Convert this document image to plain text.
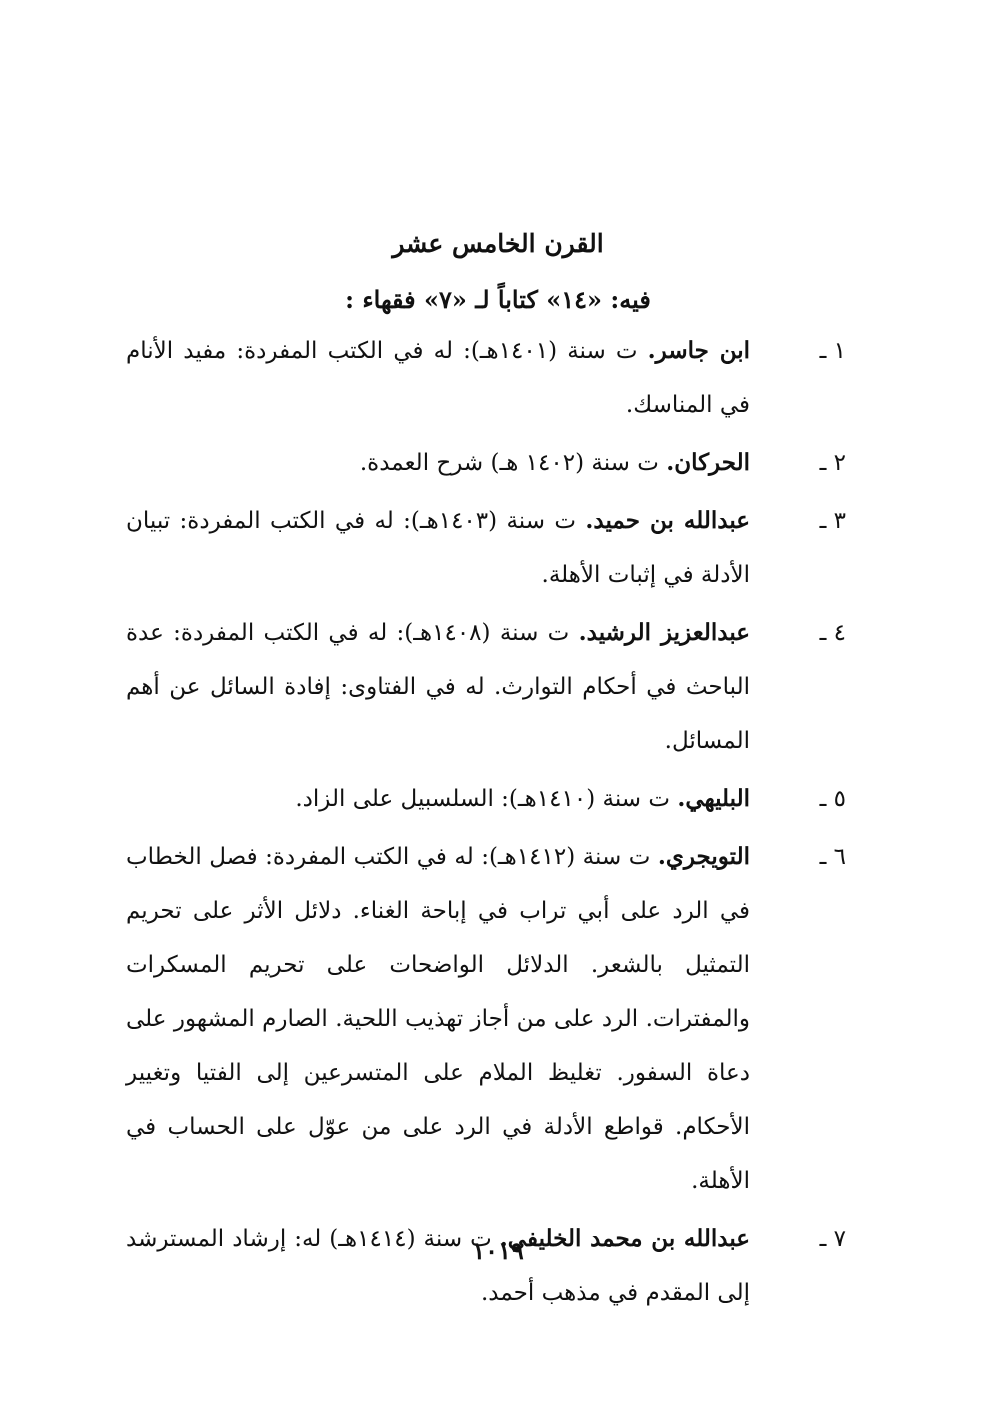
القرن الخامس عشر
فيه: «١٤» كتاباً لـ «٧» فقهاء :
١ ـ
ابن جاسر. ت سنة (١٤٠١هـ): له في الكتب المفردة: مفيد الأنام في المناسك.
٢ ـ
الحركان. ت سنة (١٤٠٢ هـ) شرح العمدة.
٣ ـ
عبدالله بن حميد. ت سنة (١٤٠٣هـ): له في الكتب المفردة: تبيان الأدلة في إثبات الأهلة.
٤ ـ
عبدالعزيز الرشيد. ت سنة (١٤٠٨هـ): له في الكتب المفردة: عدة الباحث في أحكام التوارث. له في الفتاوى: إفادة السائل عن أهم المسائل.
٥ ـ
البليهي. ت سنة (١٤١٠هـ): السلسبيل على الزاد.
٦ ـ
التويجري. ت سنة (١٤١٢هـ): له في الكتب المفردة: فصل الخطاب في الرد على أبي تراب في إباحة الغناء. دلائل الأثر على تحريم التمثيل بالشعر. الدلائل الواضحات على تحريم المسكرات والمفترات. الرد على من أجاز تهذيب اللحية. الصارم المشهور على دعاة السفور. تغليظ الملام على المتسرعين إلى الفتيا وتغيير الأحكام. قواطع الأدلة في الرد على من عوّل على الحساب في الأهلة.
٧ ـ
عبدالله بن محمد الخليفي. ت سنة (١٤١٤هـ) له: إرشاد المسترشد إلى المقدم في مذهب أحمد.
١٠١٩
